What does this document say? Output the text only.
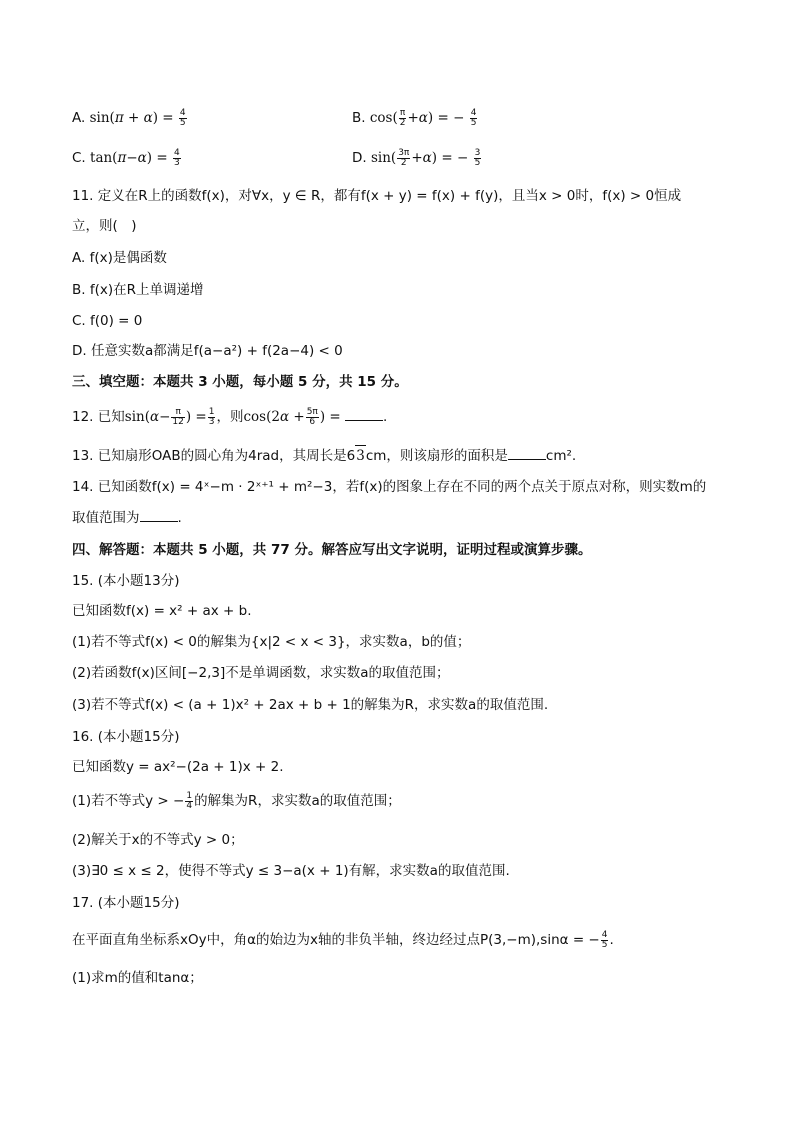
A. $\sin(\pi + \alpha) = \frac{4}{5}$	B. $\cos( \frac{\pi}{2} +\alpha)$ = − $\frac{4}{5}$
C. $\tan(\pi-\alpha) = \frac{4}{3}$	D. $\sin( \frac{3\pi}{2} +\alpha)$ = − $\frac{3}{5}$
11. 定义在R上的函数f(x)，对∀x，y ∈ R，都有f(x + y) = f(x) + f(y)，且当x > 0时，f(x) > 0恒成
立，则(　)
A. f(x)是偶函数
B. f(x)在R上单调递增
C. f(0) = 0
D. 任意实数a都满足f(a−a²) + f(2a−4) < 0
三、填空题：本题共 3 小题，每小题 5 分，共 15 分。
12. 已知$\sin(\alpha- \frac{\pi}{12}$ ) = $\frac{1}{3}$ ，则$\cos(2\alpha + \frac{5\pi}{6}$ ) =	.
13. 已知扇形OAB的圆心角为4rad，其周长是63cm，则该扇形的面积是	cm².
14. 已知函数f(x) = 4ˣ−m · 2ˣ⁺¹ + m²−3，若f(x)的图象上存在不同的两个点关于原点对称，则实数m的
取值范围为	.
四、解答题：本题共 5 小题，共 77 分。解答应写出文字说明，证明过程或演算步骤。
15. (本小题13分)
已知函数f(x) = x² + ax + b.
(1)若不等式f(x) < 0的解集为{x|2 < x < 3}，求实数a，b的值；
(2)若函数f(x)区间[−2,3]不是单调函数，求实数a的取值范围；
(3)若不等式f(x) < (a + 1)x² + 2ax + b + 1的解集为R，求实数a的取值范围.
16. (本小题15分)
已知函数y = ax²−(2a + 1)x + 2.
(1)若不等式y > − $\frac{1}{4}$ 的解集为R，求实数a的取值范围；
(2)解关于x的不等式y > 0；
(3)∃0 ≤ x ≤ 2，使得不等式y ≤ 3−a(x + 1)有解，求实数a的取值范围.
17. (本小题15分)
在平面直角坐标系xOy中，角α的始边为x轴的非负半轴，终边经过点P(3,−m),sinα = − $\frac{4}{5}$ .
(1)求m的值和tanα；
